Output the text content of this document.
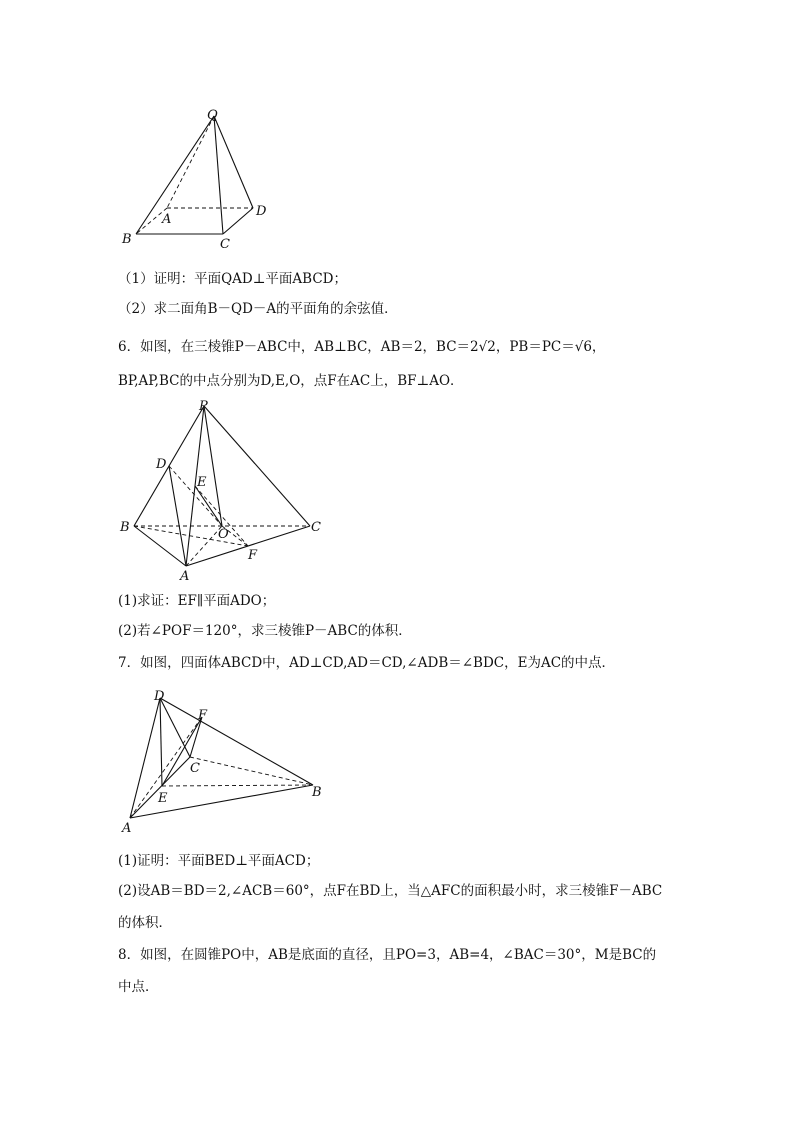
Q
A
D
B	C
（1）证明：平面QAD⊥平面ABCD；
（2）求二面角B－QD－A的平面角的余弦值．
6．如图，在三棱锥P－ABC中，AB⊥BC，AB＝2，BC＝2√2，PB＝PC＝√6，
BP,AP,BC的中点分别为D,E,O，点F在AC上，BF⊥AO．
P
D
E
B	O	C
F
A
(1)求证：EF∥平面ADO；
(2)若∠POF＝120°，求三棱锥P－ABC的体积．
7．如图，四面体ABCD中，AD⊥CD,AD＝CD,∠ADB＝∠BDC，E为AC的中点．
D
F
C
E	B
A
(1)证明：平面BED⊥平面ACD；
(2)设AB＝BD＝2,∠ACB＝60°，点F在BD上，当△AFC的面积最小时，求三棱锥F－ABC
的体积．
8．如图，在圆锥PO中，AB是底面的直径，且PO=3，AB=4，∠BAC＝30°，M是BC的
中点．
